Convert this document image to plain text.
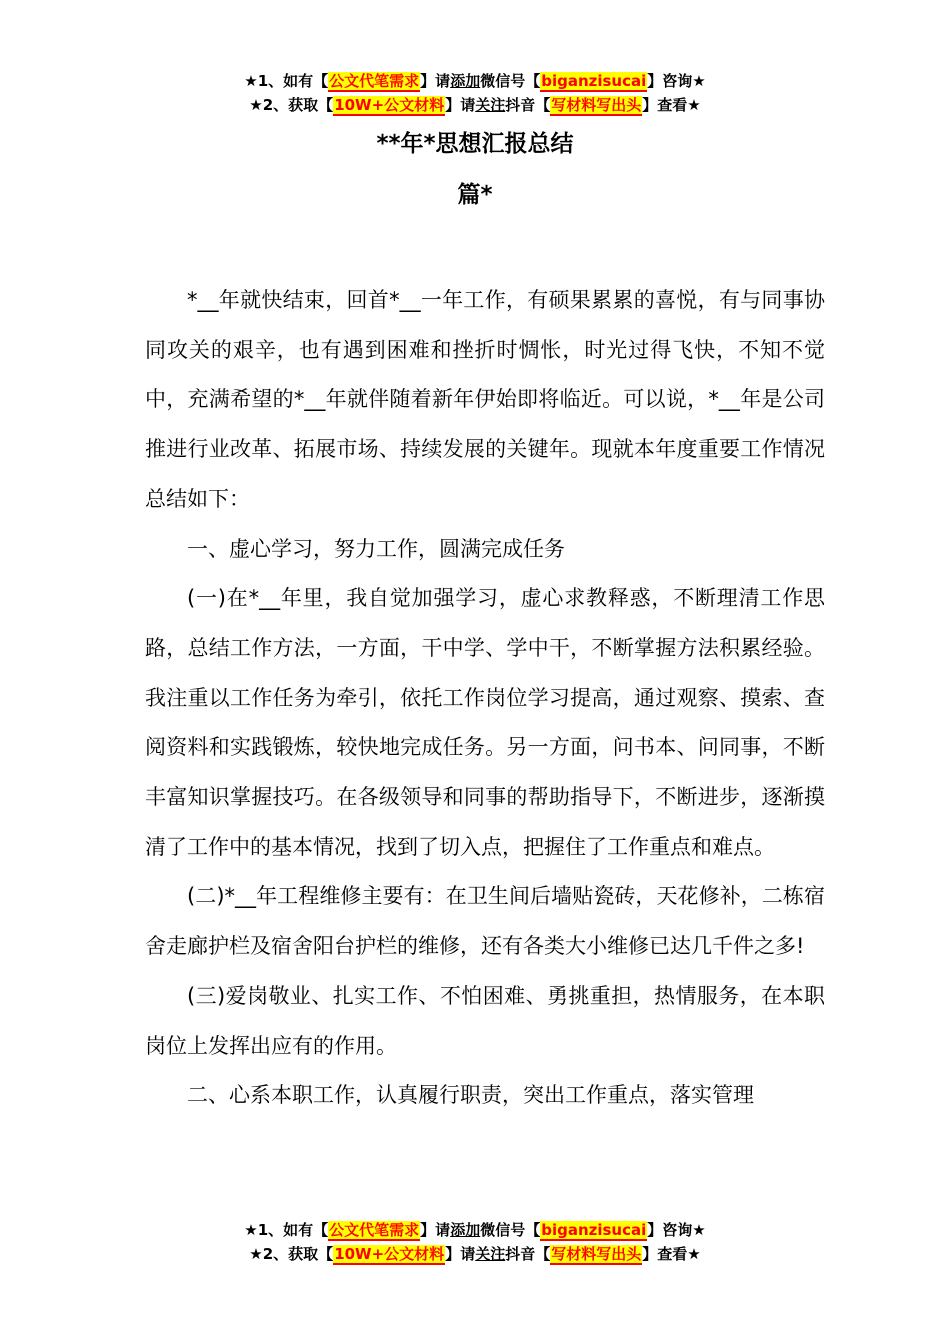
★1、如有【公文代笔需求】请添加微信号【biganzisucai】咨询★
★2、获取【10W+公文材料】请关注抖音【写材料写出头】查看★
**年*思想汇报总结
篇*

*__年就快结束，回首*__一年工作，有硕果累累的喜悦，有与同事协同攻关的艰辛，也有遇到困难和挫折时惆怅，时光过得飞快，不知不觉中，充满希望的*__年就伴随着新年伊始即将临近。可以说，*__年是公司推进行业改革、拓展市场、持续发展的关键年。现就本年度重要工作情况总结如下：

一、虚心学习，努力工作，圆满完成任务

(一)在*__年里，我自觉加强学习，虚心求教释惑，不断理清工作思路，总结工作方法，一方面，干中学、学中干，不断掌握方法积累经验。我注重以工作任务为牵引，依托工作岗位学习提高，通过观察、摸索、查阅资料和实践锻炼，较快地完成任务。另一方面，问书本、问同事，不断丰富知识掌握技巧。在各级领导和同事的帮助指导下，不断进步，逐渐摸清了工作中的基本情况，找到了切入点，把握住了工作重点和难点。

(二)*__年工程维修主要有：在卫生间后墙贴瓷砖，天花修补，二栋宿舍走廊护栏及宿舍阳台护栏的维修，还有各类大小维修已达几千件之多!

(三)爱岗敬业、扎实工作、不怕困难、勇挑重担，热情服务，在本职岗位上发挥出应有的作用。

二、心系本职工作，认真履行职责，突出工作重点，落实管理

★1、如有【公文代笔需求】请添加微信号【biganzisucai】咨询★
★2、获取【10W+公文材料】请关注抖音【写材料写出头】查看★
